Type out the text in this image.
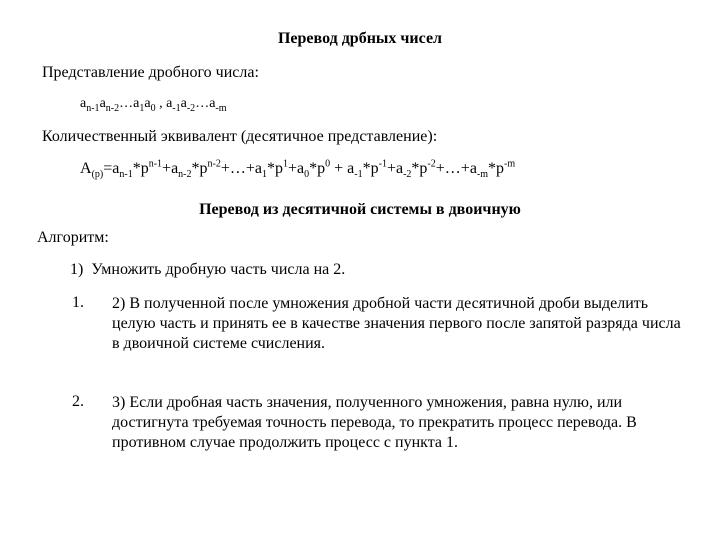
Перевод дрбных чисел
Представление дробного числа:
$a_{n-1}a_{n-2}\dots a_1a_0$ , $a_{-1}a_{-2}\dots a_{-m}$
Количественный эквивалент (десятичное представление):
$A_{(p)}=a_{n-1}*p^{n-1}+a_{n-2}*p^{n-2}+\dots+a_1*p^1+a_0*p^0$ + $a_{-1}*p^{-1}+a_{-2}*p^{-2}+\dots+a_{-m}*p^{-m}$
Перевод из десятичной системы в двоичную
Алгоритм:
1)  Умножить дробную часть числа на 2.
1. 2) В полученной после умножения дробной части десятичной дроби выделить целую часть и принять ее в качестве значения первого после запятой разряда числа в двоичной системе счисления.
2. 3) Если дробная часть значения, полученного умножения, равна нулю, или достигнута требуемая точность перевода, то прекратить процесс перевода. В противном случае продолжить процесс с пункта 1.
